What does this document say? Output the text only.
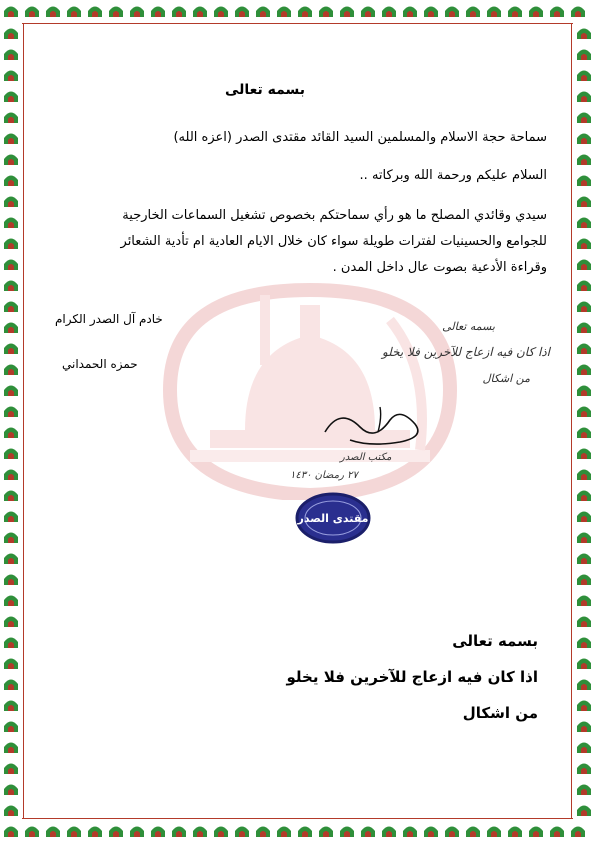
بسمه تعالى
سماحة حجة الاسلام والمسلمين السيد القائد مقتدى الصدر (اعزه الله)
السلام عليكم ورحمة الله وبركاته ..
سيدي وقائدي المصلح ما هو رأي سماحتكم بخصوص تشغيل السماعات الخارجية
للجوامع والحسينيات لفترات طويلة سواء كان خلال الايام العادية ام تأدية الشعائر
وقراءة الأدعية بصوت عال داخل المدن .
خادم آل الصدر الكرام
حمزه الحمداني
بسمه تعالى
اذا كان فيه ازعاج للآخرين فلا يخلو
من اشكال
مكتب الصدر
٢٧ رمضان ١٤٣٠
مقتدى الصدر
بسمه تعالى
اذا كان فيه ازعاج للآخرين فلا يخلو
من اشكال
